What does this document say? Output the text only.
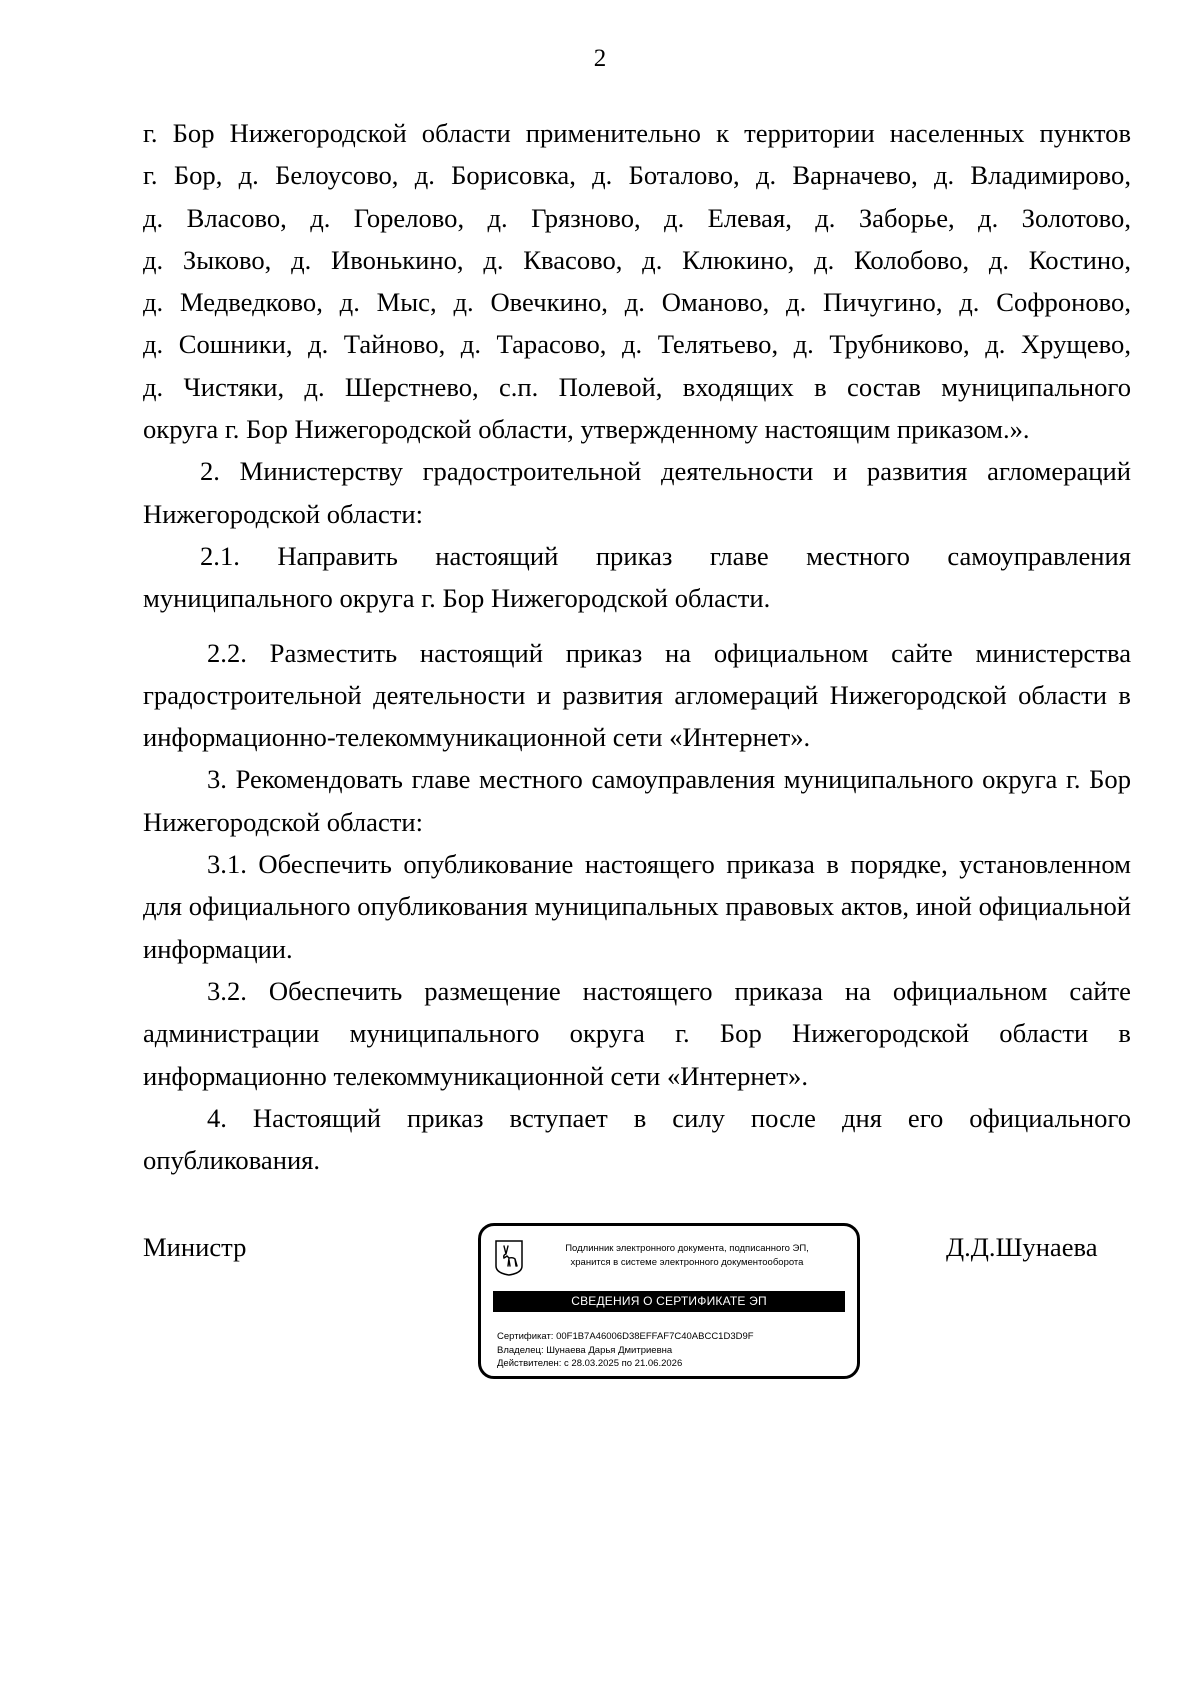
2
г. Бор Нижегородской области применительно к территории населенных пунктов
г. Бор, д. Белоусово, д. Борисовка, д. Боталово, д. Варначево, д. Владимирово,
д. Власово, д. Горелово, д. Грязново, д. Елевая, д. Заборье, д. Золотово,
д. Зыково, д. Ивонькино, д. Квасово, д. Клюкино, д. Колобово, д. Костино,
д. Медведково, д. Мыс, д. Овечкино, д. Оманово, д. Пичугино, д. Софроново,
д. Сошники, д. Тайново, д. Тарасово, д. Телятьево, д. Трубниково, д. Хрущево,
д. Чистяки, д. Шерстнево, с.п. Полевой, входящих в состав муниципального

округа г. Бор Нижегородской области, утвержденному настоящим приказом.».

2. Министерству градостроительной деятельности и развития агломераций Нижегородской области:

2.1. Направить настоящий приказ главе местного самоуправления муниципального округа г. Бор Нижегородской области.

2.2. Разместить настоящий приказ на официальном сайте министерства градостроительной деятельности и развития агломераций Нижегородской области в информационно-телекоммуникационной сети «Интернет».

3. Рекомендовать главе местного самоуправления муниципального округа г. Бор Нижегородской области:

3.1. Обеспечить опубликование настоящего приказа в порядке, установленном для официального опубликования муниципальных правовых актов, иной официальной информации.

3.2. Обеспечить размещение настоящего приказа на официальном сайте администрации муниципального округа г. Бор Нижегородской области в информационно телекоммуникационной сети «Интернет».

4. Настоящий приказ вступает в силу после дня его официального опубликования.

Министр	Д.Д.Шунаева
Подлинник электронного документа, подписанного ЭП,
хранится в системе электронного документооборота
СВЕДЕНИЯ О СЕРТИФИКАТЕ ЭП
Сертификат: 00F1B7A46006D38EFFAF7C40ABCC1D3D9F
Владелец: Шунаева Дарья Дмитриевна
Действителен: с 28.03.2025 по 21.06.2026
